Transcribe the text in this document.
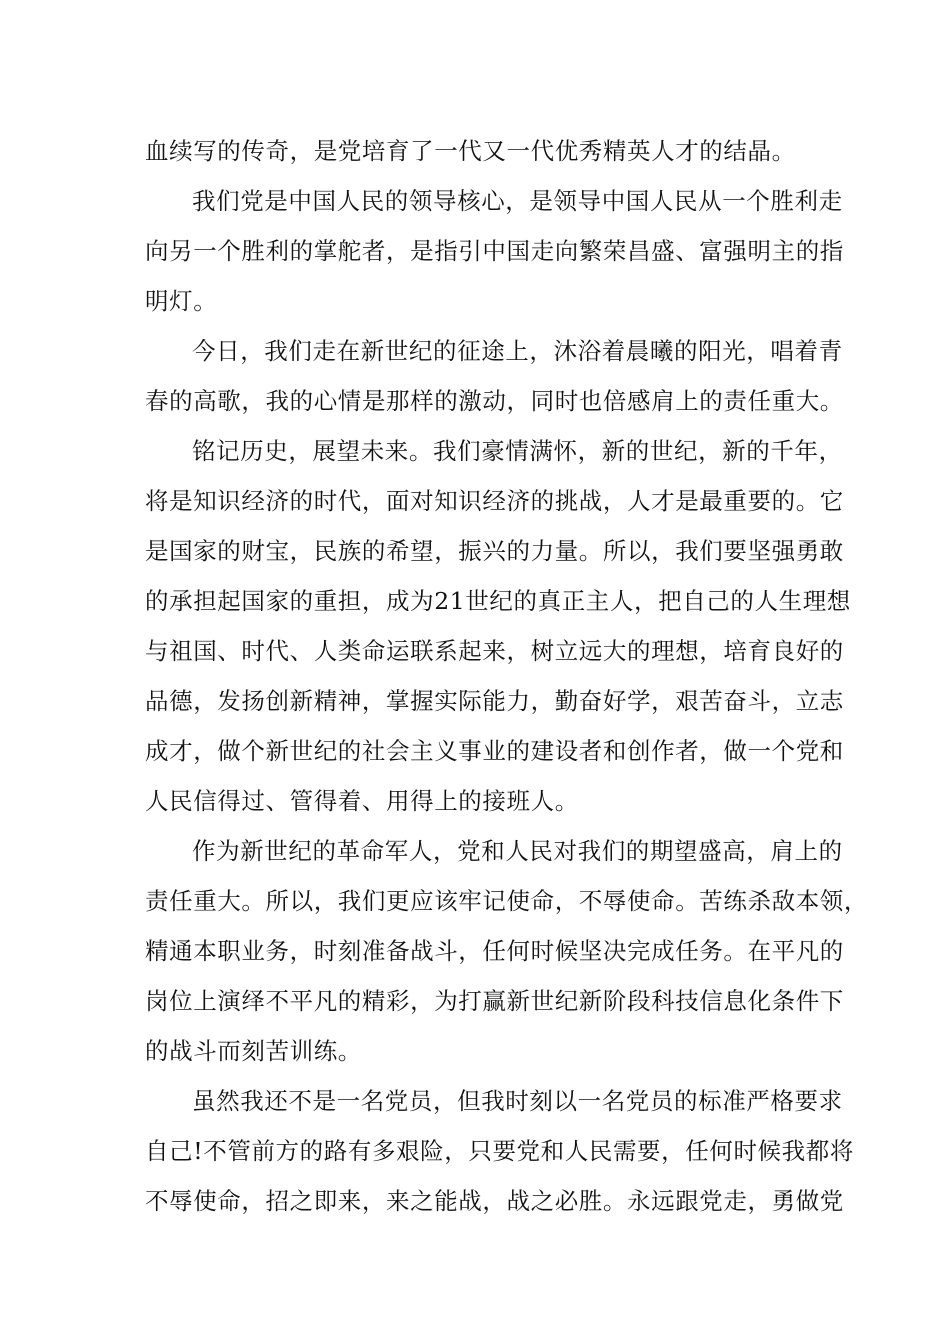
血续写的传奇，是党培育了一代又一代优秀精英人才的结晶。
我们党是中国人民的领导核心，是领导中国人民从一个胜利走
向另一个胜利的掌舵者，是指引中国走向繁荣昌盛、富强明主的指
明灯。
今日，我们走在新世纪的征途上，沐浴着晨曦的阳光，唱着青
春的高歌，我的心情是那样的激动，同时也倍感肩上的责任重大。
铭记历史，展望未来。我们豪情满怀，新的世纪，新的千年，
将是知识经济的时代，面对知识经济的挑战，人才是最重要的。它
是国家的财宝，民族的希望，振兴的力量。所以，我们要坚强勇敢
的承担起国家的重担，成为21世纪的真正主人，把自己的人生理想
与祖国、时代、人类命运联系起来，树立远大的理想，培育良好的
品德，发扬创新精神，掌握实际能力，勤奋好学，艰苦奋斗，立志
成才，做个新世纪的社会主义事业的建设者和创作者，做一个党和
人民信得过、管得着、用得上的接班人。
作为新世纪的革命军人，党和人民对我们的期望盛高，肩上的
责任重大。所以，我们更应该牢记使命，不辱使命。苦练杀敌本领，
精通本职业务，时刻准备战斗，任何时候坚决完成任务。在平凡的
岗位上演绎不平凡的精彩，为打赢新世纪新阶段科技信息化条件下
的战斗而刻苦训练。
虽然我还不是一名党员，但我时刻以一名党员的标准严格要求
自己!不管前方的路有多艰险，只要党和人民需要，任何时候我都将
不辱使命，招之即来，来之能战，战之必胜。永远跟党走，勇做党
